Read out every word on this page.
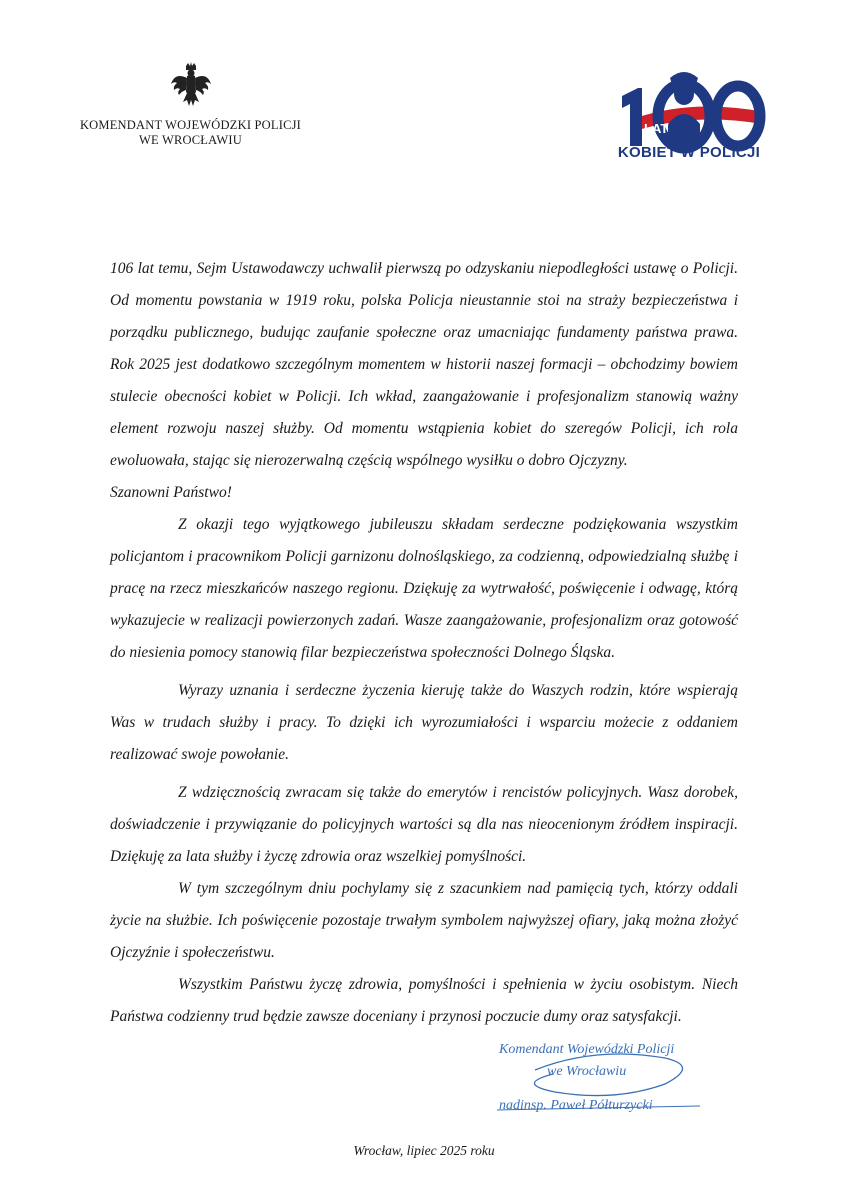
KOMENDANT WOJEWÓDZKI POLICJI
WE WROCŁAWIU
LAT
KOBIET W POLICJI

106 lat temu, Sejm Ustawodawczy uchwalił pierwszą po odzyskaniu niepodległości ustawę o Policji. Od momentu powstania w 1919 roku, polska Policja nieustannie stoi na straży bezpieczeństwa i porządku publicznego, budując zaufanie społeczne oraz umacniając fundamenty państwa prawa. Rok 2025 jest dodatkowo szczególnym momentem w historii naszej formacji – obchodzimy bowiem stulecie obecności kobiet w Policji. Ich wkład, zaangażowanie i profesjonalizm stanowią ważny element rozwoju naszej służby. Od momentu wstąpienia kobiet do szeregów Policji, ich rola ewoluowała, stając się nierozerwalną częścią wspólnego wysiłku o dobro Ojczyzny.

Szanowni Państwo!

Z okazji tego wyjątkowego jubileuszu składam serdeczne podziękowania wszystkim policjantom i pracownikom Policji garnizonu dolnośląskiego, za codzienną, odpowiedzialną służbę i pracę na rzecz mieszkańców naszego regionu. Dziękuję za wytrwałość, poświęcenie i odwagę, którą wykazujecie w realizacji powierzonych zadań. Wasze zaangażowanie, profesjonalizm oraz gotowość do niesienia pomocy stanowią filar bezpieczeństwa społeczności Dolnego Śląska.

Wyrazy uznania i serdeczne życzenia kieruję także do Waszych rodzin, które wspierają Was w trudach służby i pracy. To dzięki ich wyrozumiałości i wsparciu możecie z oddaniem realizować swoje powołanie.

Z wdzięcznością zwracam się także do emerytów i rencistów policyjnych. Wasz dorobek, doświadczenie i przywiązanie do policyjnych wartości są dla nas nieocenionym źródłem inspiracji. Dziękuję za lata służby i życzę zdrowia oraz wszelkiej pomyślności.

W tym szczególnym dniu pochylamy się z szacunkiem nad pamięcią tych, którzy oddali życie na służbie. Ich poświęcenie pozostaje trwałym symbolem najwyższej ofiary, jaką można złożyć Ojczyźnie i społeczeństwu.

Wszystkim Państwu życzę zdrowia, pomyślności i spełnienia w życiu osobistym. Niech Państwa codzienny trud będzie zawsze doceniany i przynosi poczucie dumy oraz satysfakcji.

Komendant Wojewódzki Policji
we Wrocławiu
nadinsp. Paweł Półturzycki
Wrocław, lipiec 2025 roku
